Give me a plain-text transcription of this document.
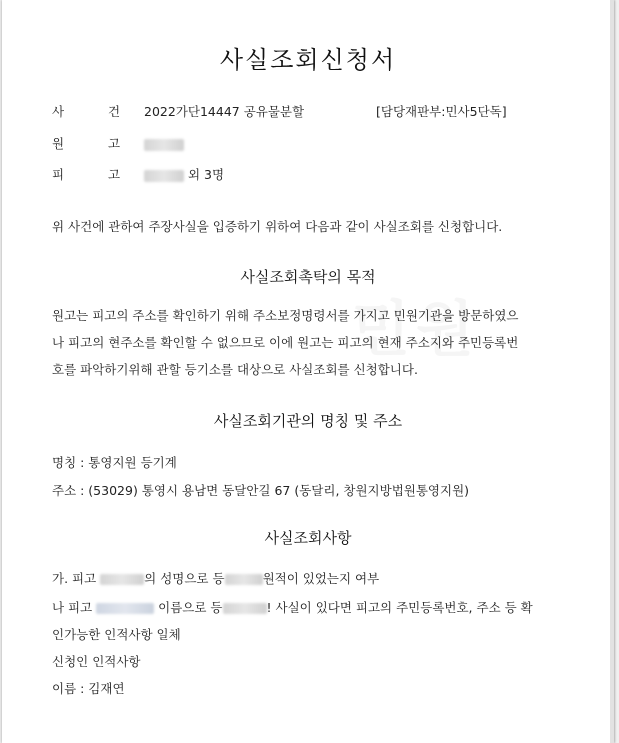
사실조회신청서
사	건 2022가단14447 공유물분할	[담당재판부:민사5단독]
원	고
피	고	외 3명
위 사건에 관하여 주장사실을 입증하기 위하여 다음과 같이 사실조회를 신청합니다.
사실조회촉탁의 목적
원고는 피고의 주소를 확인하기 위해 주소보정명령서를 가지고 민원기관을 방문하였으
나 피고의 현주소를 확인할 수 없으므로 이에 원고는 피고의 현재 주소지와 주민등록번
호를 파악하기위해 관할 등기소를 대상으로 사실조회를 신청합니다.
사실조회기관의 명칭 및 주소
명칭 : 통영지원 등기계
주소 : (53029) 통영시 용남면 동달안길 67 (동달리, 창원지방법원통영지원)
사실조회사항
가. 피고	의 성명으로 등	원적이 있었는지 여부
나 피고	이름으로 등	! 사실이 있다면 피고의 주민등록번호, 주소 등 확
인가능한 인적사항 일체
신청인 인적사항
이름 : 김재연
